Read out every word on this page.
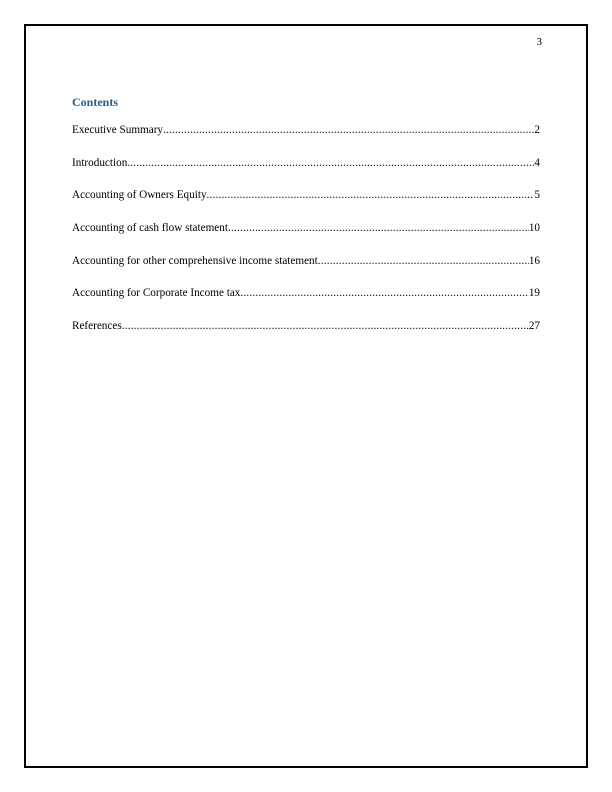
3
Contents
Executive Summary .....	2
Introduction .....	4
Accounting of Owners Equity .....	5
Accounting of cash flow statement .....	10
Accounting for other comprehensive income statement .....	16
Accounting for Corporate Income tax .....	19
References .....	27
